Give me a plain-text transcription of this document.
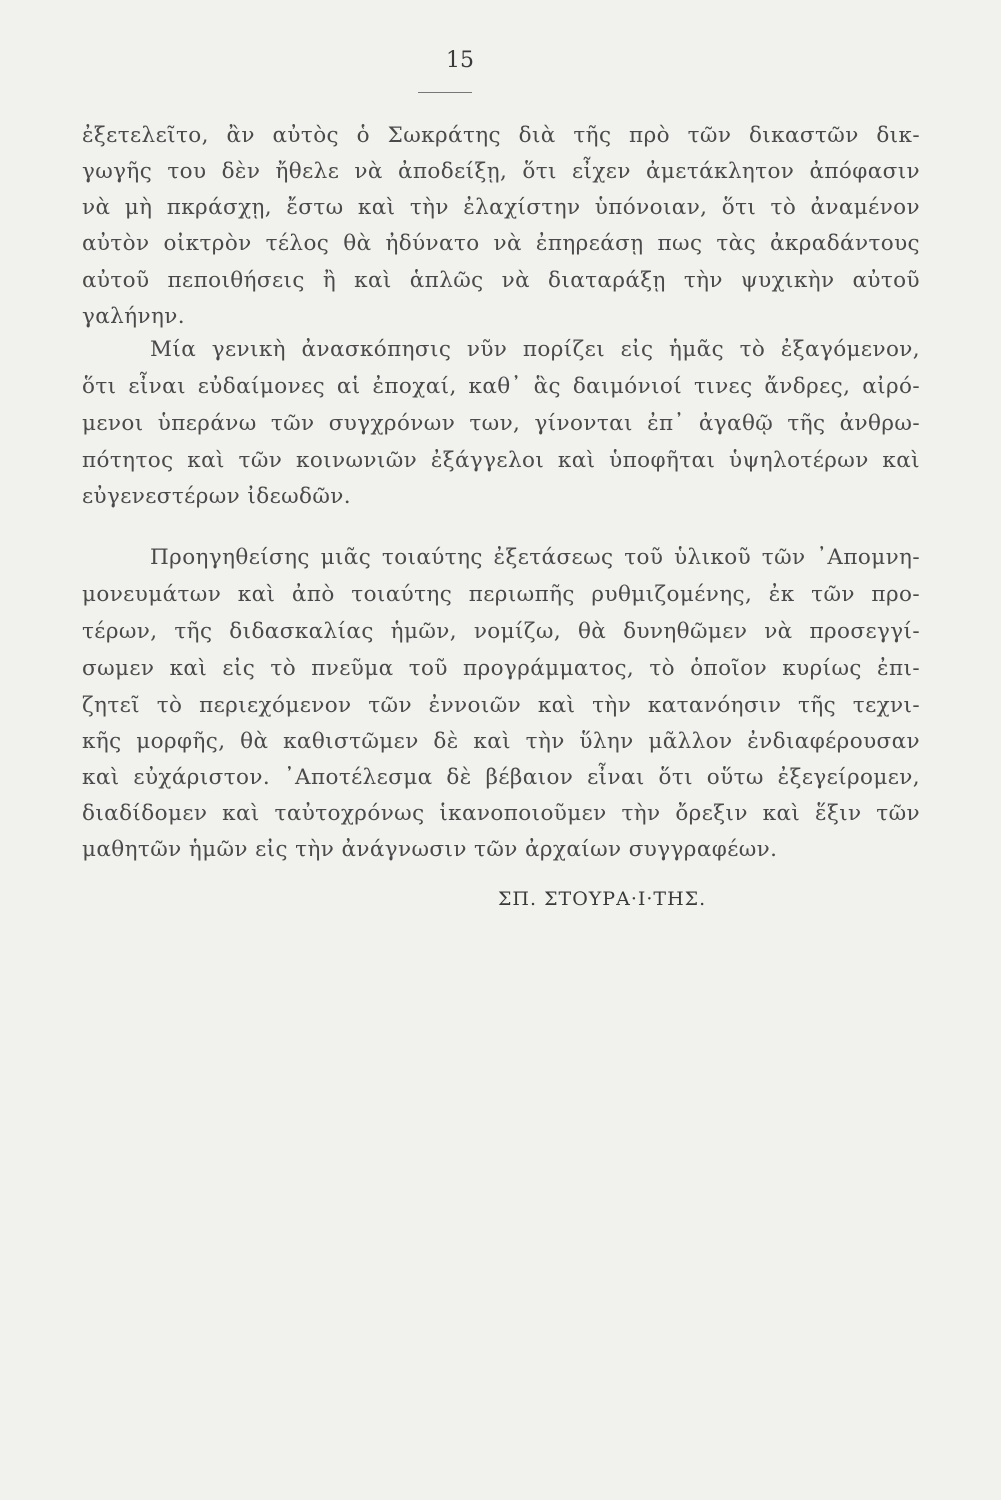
15
ἐξετελεῖτο, ἂν αὐτὸς ὁ Σωκράτης διὰ τῆς πρὸ τῶν δικαστῶν δικ-
γωγῆς του δὲν ἤθελε νὰ ἀποδείξῃ, ὅτι εἶχεν ἀμετάκλητον ἀπόφασιν
νὰ μὴ πκράσχῃ, ἔστω καὶ τὴν ἐλαχίστην ὑπόνοιαν, ὅτι τὸ ἀναμένον
αὐτὸν οἰκτρὸν τέλος θὰ ἠδύνατο νὰ ἐπηρεάσῃ πως τὰς ἀκραδάντους
αὐτοῦ πεποιθήσεις ἢ καὶ ἁπλῶς νὰ διαταράξῃ τὴν ψυχικὴν αὐτοῦ
γαλήνην.
Μία γενικὴ ἀνασκόπησις νῦν πορίζει εἰς ἡμᾶς τὸ ἐξαγόμενον,
ὅτι εἶναι εὐδαίμονες αἱ ἐποχαί, καθ᾽ ἃς δαιμόνιοί τινες ἄνδρες, αἰρό-
μενοι ὑπεράνω τῶν συγχρόνων των, γίνονται ἐπ᾽ ἀγαθῷ τῆς ἀνθρω-
πότητος καὶ τῶν κοινωνιῶν ἐξάγγελοι καὶ ὑποφῆται ὑψηλοτέρων καὶ
εὐγενεστέρων ἰδεωδῶν.
Προηγηθείσης μιᾶς τοιαύτης ἐξετάσεως τοῦ ὑλικοῦ τῶν ᾿Απομνη-
μονευμάτων καὶ ἀπὸ τοιαύτης περιωπῆς ρυθμιζομένης, ἐκ τῶν προ-
τέρων, τῆς διδασκαλίας ἡμῶν, νομίζω, θὰ δυνηθῶμεν νὰ προσεγγί-
σωμεν καὶ εἰς τὸ πνεῦμα τοῦ προγράμματος, τὸ ὁποῖον κυρίως ἐπι-
ζητεῖ τὸ περιεχόμενον τῶν ἐννοιῶν καὶ τὴν κατανόησιν τῆς τεχνι-
κῆς μορφῆς, θὰ καθιστῶμεν δὲ καὶ τὴν ὕλην μᾶλλον ἐνδιαφέρουσαν
καὶ εὐχάριστον. ᾿Αποτέλεσμα δὲ βέβαιον εἶναι ὅτι οὕτω ἐξεγείρομεν,
διαδίδομεν καὶ ταὐτοχρόνως ἱκανοποιοῦμεν τὴν ὄρεξιν καὶ ἕξιν τῶν
μαθητῶν ἡμῶν εἰς τὴν ἀνάγνωσιν τῶν ἀρχαίων συγγραφέων.
ΣΠ. ΣΤΟΥΡΑ·Ι·ΤΗΣ.
